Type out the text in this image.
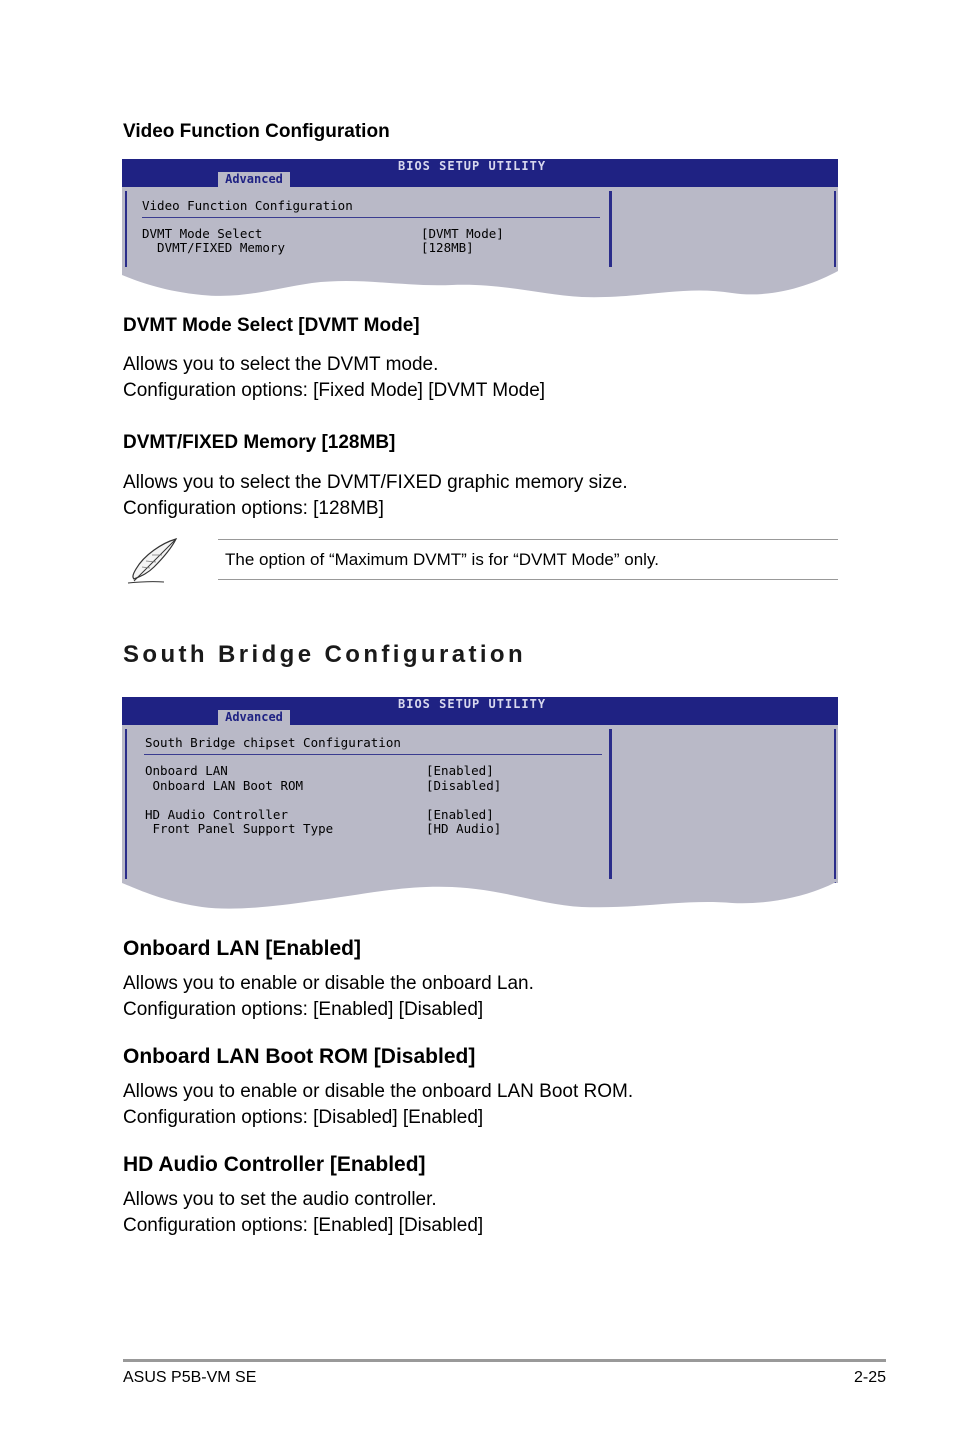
Video Function Configuration
BIOS SETUP UTILITY
Advanced
Video Function Configuration
DVMT Mode Select	[DVMT Mode]
DVMT/FIXED Memory	[128MB]
DVMT Mode Select [DVMT Mode]
Allows you to select the DVMT mode.
Configuration options: [Fixed Mode] [DVMT Mode]
DVMT/FIXED Memory [128MB]
Allows you to select the DVMT/FIXED graphic memory size.
Configuration options: [128MB]
The option of “Maximum DVMT” is for “DVMT Mode” only.
South Bridge Configuration
BIOS SETUP UTILITY
Advanced
South Bridge chipset Configuration
Onboard LAN	[Enabled]
Onboard LAN Boot ROM	[Disabled]
HD Audio Controller	[Enabled]
Front Panel Support Type	[HD Audio]
Onboard LAN [Enabled]
Allows you to enable or disable the onboard Lan.
Configuration options: [Enabled] [Disabled]
Onboard LAN Boot ROM [Disabled]
Allows you to enable or disable the onboard LAN Boot ROM.
Configuration options: [Disabled] [Enabled]
HD Audio Controller [Enabled]
Allows you to set the audio controller.
Configuration options: [Enabled] [Disabled]
ASUS P5B-VM SE	2-25
